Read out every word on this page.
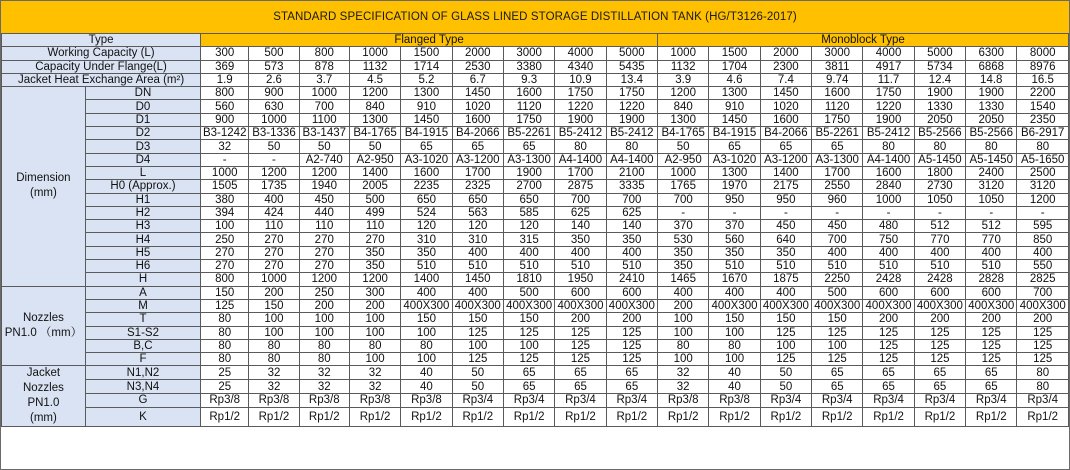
STANDARD SPECIFICATION OF GLASS LINED STORAGE DISTILLATION TANK (HG/T3126-2017)
Type		Flanged Type									Monoblock Type							
Working Capacity (L)		300	500	800	1000	1500	2000	3000	4000	5000	1000	1500	2000	3000	4000	5000	6300	8000
Capacity Under Flange(L)		369	573	878	1132	1714	2530	3380	4340	5435	1132	1704	2300	3811	4917	5734	6868	8976
Jacket Heat Exchange Area (m²)		1.9	2.6	3.7	4.5	5.2	6.7	9.3	10.9	13.4	3.9	4.6	7.4	9.74	11.7	12.4	14.8	16.5
Dimension
(mm)	DN	800	900	1000	1200	1300	1450	1600	1750	1750	1200	1300	1450	1600	1750	1900	1900	2200
	D0	560	630	700	840	910	1020	1120	1220	1220	840	910	1020	1120	1220	1330	1330	1540
	D1	900	1000	1100	1300	1450	1600	1750	1900	1900	1300	1450	1600	1750	1900	2050	2050	2350
	D2	B3-1242	B3-1336	B3-1437	B4-1765	B4-1915	B4-2066	B5-2261	B5-2412	B5-2412	B4-1765	B4-1915	B4-2066	B5-2261	B5-2412	B5-2566	B5-2566	B6-2917
	D3	32	50	50	50	65	65	65	80	80	50	65	65	65	80	80	80	80
	D4	-	-	A2-740	A2-950	A3-1020	A3-1200	A3-1300	A4-1400	A4-1400	A2-950	A3-1020	A3-1200	A3-1300	A4-1400	A5-1450	A5-1450	A5-1650
	L	1000	1200	1200	1400	1600	1700	1900	1700	2100	1000	1300	1400	1700	1600	1800	2400	2500
	H0 (Approx.)	1505	1735	1940	2005	2235	2325	2700	2875	3335	1765	1970	2175	2550	2840	2730	3120	3120
	H1	380	400	450	500	650	650	650	700	700	700	950	950	960	1000	1050	1050	1200
	H2	394	424	440	499	524	563	585	625	625	-	-	-	-	-	-	-	-
	H3	100	110	110	110	120	120	120	140	140	370	370	450	450	480	512	512	595
	H4	250	270	270	270	310	310	315	350	350	530	560	640	700	750	770	770	850
	H5	270	270	270	350	350	400	400	400	400	350	350	350	400	400	400	400	400
	H6	270	270	270	350	510	510	510	510	510	350	510	510	510	510	510	510	550
	H	800	1000	1200	1200	1400	1450	1810	1950	2410	1465	1670	1875	2250	2428	2428	2828	2825
Nozzles
PN1.0 （mm）	A	150	200	250	300	400	400	500	600	600	400	400	400	500	600	600	600	700
	M	125	150	200	200	400X300	400X300	400X300	400X300	400X300	200	400X300	400X300	400X300	400X300	400X300	400X300	400X300
	T	80	100	100	100	150	150	150	200	200	100	150	150	150	200	200	200	200
	S1-S2	80	100	100	100	100	125	125	125	125	100	100	125	125	125	125	125	125
	B,C	80	80	80	80	80	100	100	125	125	80	80	100	100	125	125	125	125
	F	80	80	80	100	100	125	125	125	125	100	100	125	125	125	125	125	125
Jacket
Nozzles
PN1.0
(mm)	N1,N2	25	32	32	32	40	50	65	65	65	32	40	50	65	65	65	65	80
	N3,N4	25	32	32	32	40	50	65	65	65	32	40	50	65	65	65	65	80
	G	Rp3/8	Rp3/8	Rp3/8	Rp3/8	Rp3/8	Rp3/4	Rp3/4	Rp3/4	Rp3/4	Rp3/8	Rp3/8	Rp3/4	Rp3/4	Rp3/4	Rp3/4	Rp3/4	Rp3/4
	K	Rp1/2	Rp1/2	Rp1/2	Rp1/2	Rp1/2	Rp1/2	Rp1/2	Rp1/2	Rp1/2	Rp1/2	Rp1/2	Rp1/2	Rp1/2	Rp1/2	Rp1/2	Rp1/2	Rp1/2
